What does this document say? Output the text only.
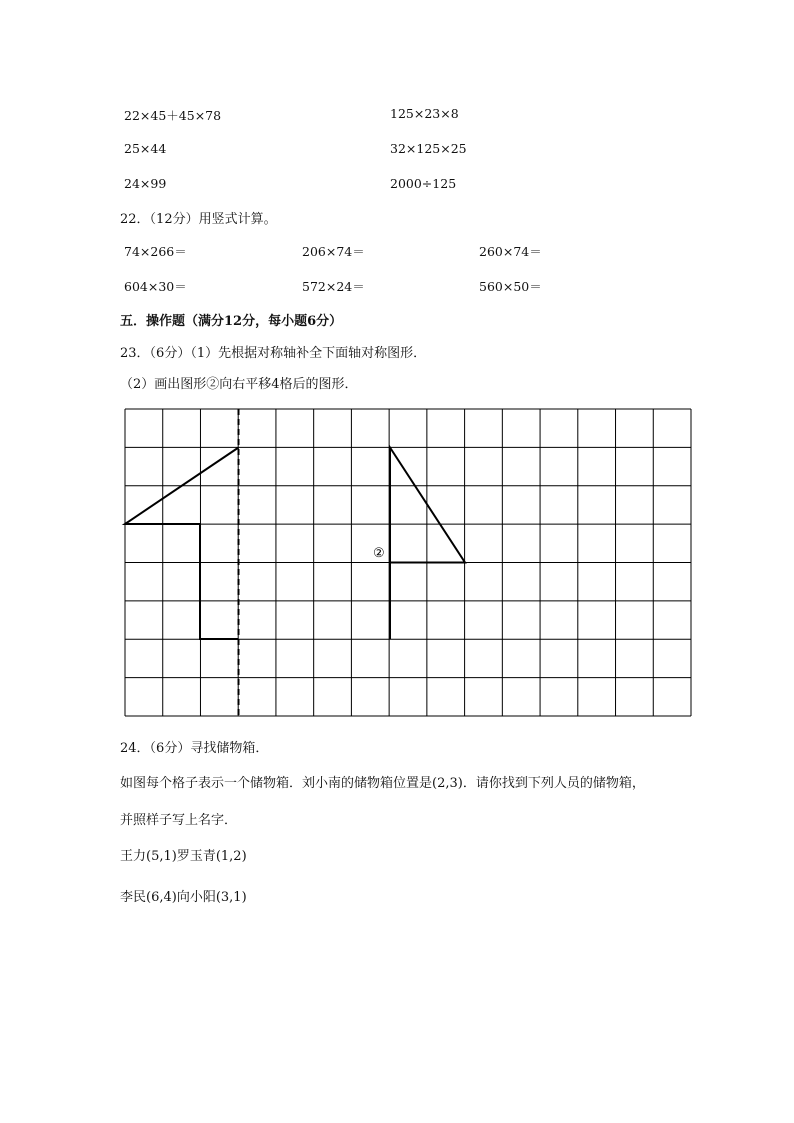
22×45＋45×78	125×23×8
25×44	32×125×25
24×99	2000÷125
22．（12分）用竖式计算。
74×266＝	206×74＝	260×74＝
604×30＝	572×24＝	560×50＝
五．操作题（满分12分，每小题6分）
23．（6分）（1）先根据对称轴补全下面轴对称图形．
（2）画出图形②向右平移4格后的图形．
②
24．（6分）寻找储物箱．
如图每个格子表示一个储物箱．刘小南的储物箱位置是(2,3)．请你找到下列人员的储物箱，
并照样子写上名字．
王力(5,1)罗玉青(1,2)
李民(6,4)向小阳(3,1)
